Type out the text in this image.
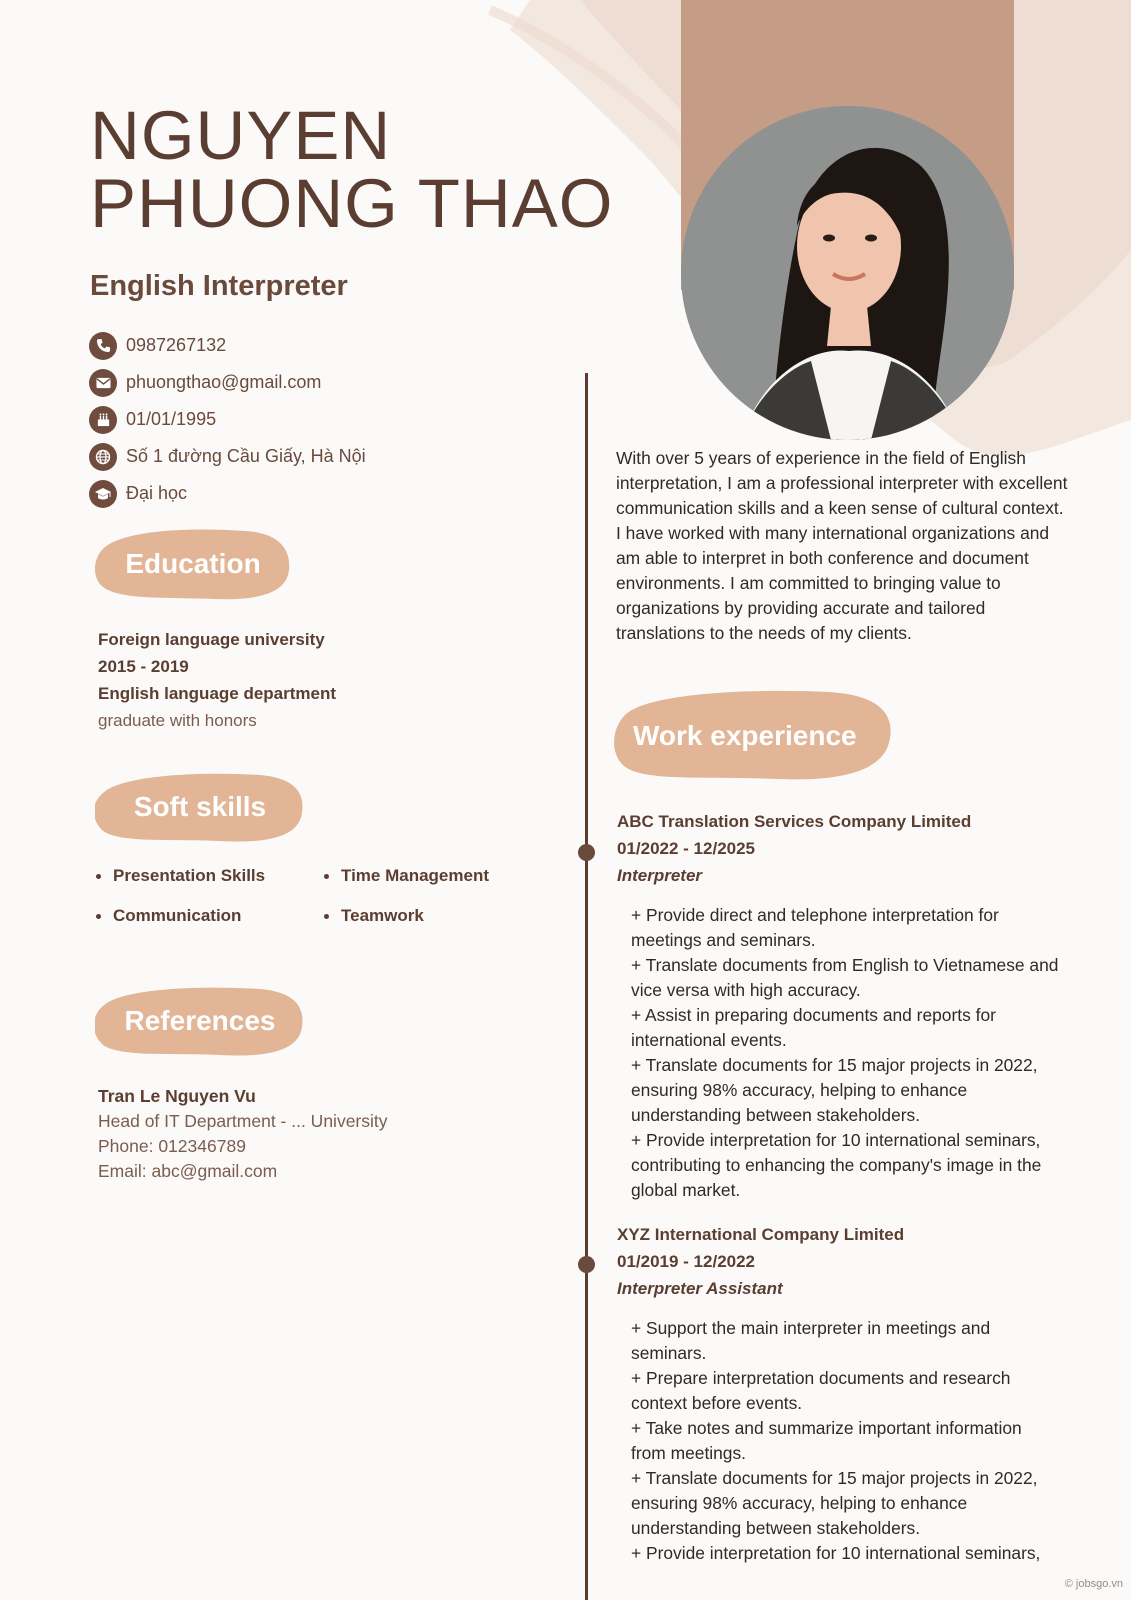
NGUYEN
PHUONG THAO
English Interpreter
0987267132
phuongthao@gmail.com
01/01/1995
Số 1 đường Cầu Giấy, Hà Nội
Đại học
Education
Foreign language university
2015 - 2019
English language department
graduate with honors
Soft skills
Presentation Skills	Time Management
Communication	Teamwork
References
Tran Le Nguyen Vu
Head of IT Department - ... University
Phone: 012346789
Email: abc@gmail.com
With over 5 years of experience in the field of English interpretation, I am a professional interpreter with excellent communication skills and a keen sense of cultural context. I have worked with many international organizations and am able to interpret in both conference and document environments. I am committed to bringing value to organizations by providing accurate and tailored translations to the needs of my clients.
Work experience
ABC Translation Services Company Limited
01/2022 - 12/2025
Interpreter
+ Provide direct and telephone interpretation for meetings and seminars.
+ Translate documents from English to Vietnamese and vice versa with high accuracy.
+ Assist in preparing documents and reports for international events.
+ Translate documents for 15 major projects in 2022, ensuring 98% accuracy, helping to enhance understanding between stakeholders.
+ Provide interpretation for 10 international seminars, contributing to enhancing the company's image in the global market.
XYZ International Company Limited
01/2019 - 12/2022
Interpreter Assistant
+ Support the main interpreter in meetings and seminars.
+ Prepare interpretation documents and research context before events.
+ Take notes and summarize important information from meetings.
+ Translate documents for 15 major projects in 2022, ensuring 98% accuracy, helping to enhance understanding between stakeholders.
+ Provide interpretation for 10 international seminars,
© jobsgo.vn
